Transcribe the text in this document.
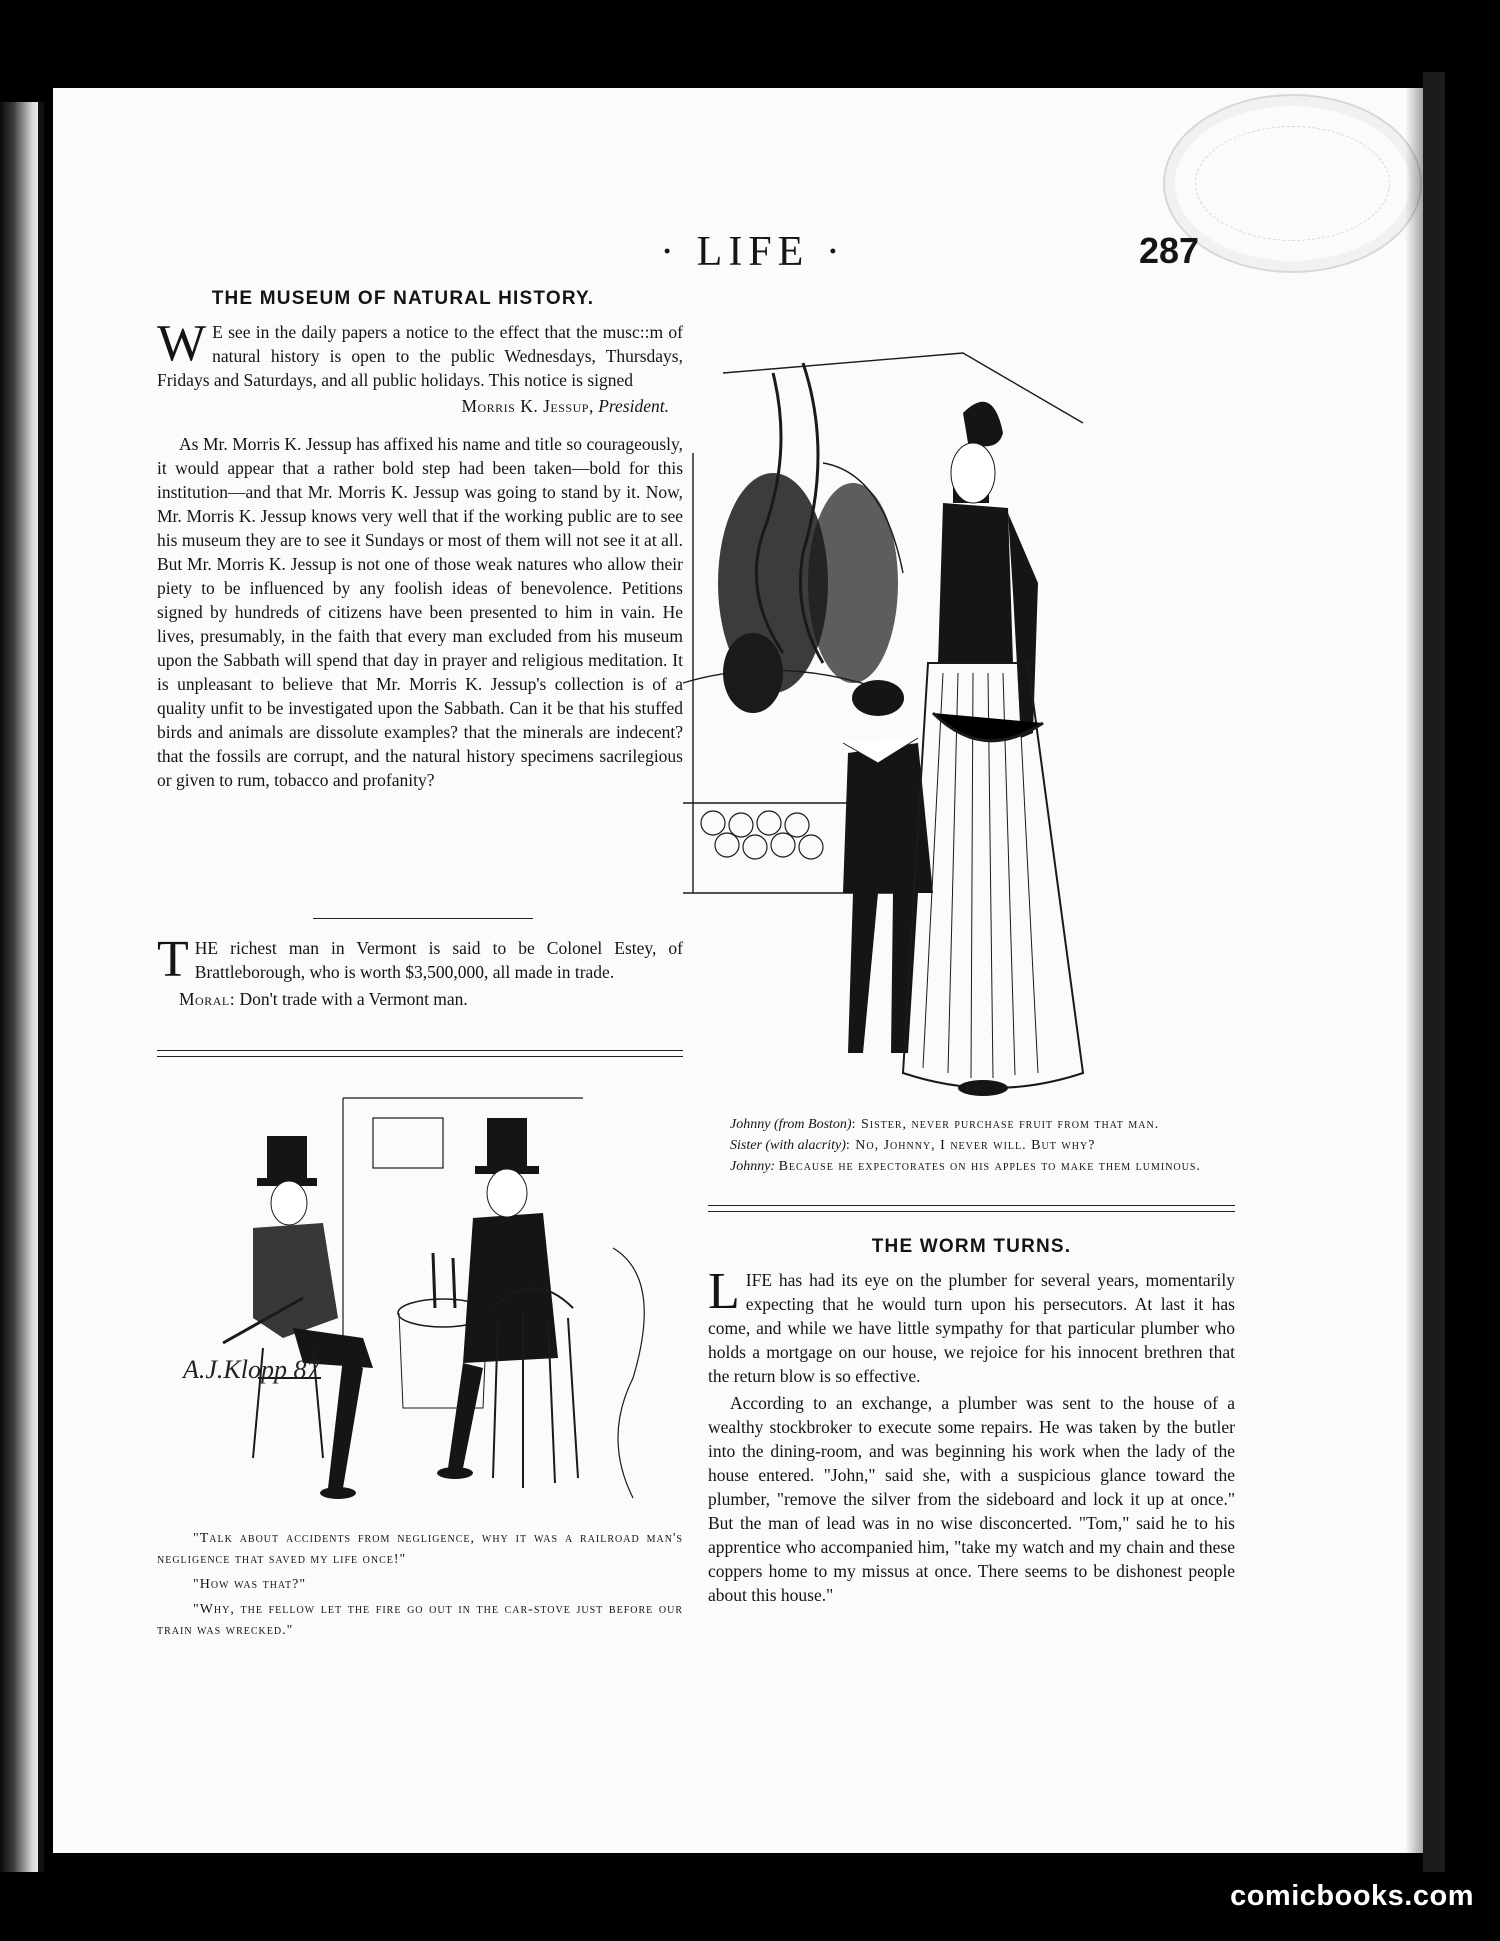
· LIFE ·	287
THE MUSEUM OF NATURAL HISTORY.

W E see in the daily papers a notice to the effect that the musc::m of natural history is open to the public Wednesdays, Thursdays, Fridays and Saturdays, and all public holidays. This notice is signed

Morris K. Jessup, President.

As Mr. Morris K. Jessup has affixed his name and title so courageously, it would appear that a rather bold step had been taken—bold for this institution—and that Mr. Morris K. Jessup was going to stand by it. Now, Mr. Morris K. Jessup knows very well that if the working public are to see his museum they are to see it Sundays or most of them will not see it at all. But Mr. Morris K. Jessup is not one of those weak natures who allow their piety to be influenced by any foolish ideas of benevolence. Petitions signed by hundreds of citizens have been presented to him in vain. He lives, presumably, in the faith that every man excluded from his museum upon the Sabbath will spend that day in prayer and religious meditation. It is unpleasant to believe that Mr. Morris K. Jessup's collection is of a quality unfit to be investigated upon the Sabbath. Can it be that his stuffed birds and animals are dissolute examples? that the minerals are indecent? that the fossils are corrupt, and the natural history specimens sacrilegious or given to rum, tobacco and profanity?

THE richest man in Vermont is said to be Colonel Estey, of Brattleborough, who is worth $3,500,000, all made in trade.

Moral: Don't trade with a Vermont man.

Johnny (from Boston): Sister, never purchase fruit from that man.

Sister (with alacrity): No, Johnny, I never will. But why?

Johnny: Because he expectorates on his apples to make them luminous.

THE WORM TURNS.

LIFE has had its eye on the plumber for several years, momentarily expecting that he would turn upon his persecutors. At last it has come, and while we have little sympathy for that particular plumber who holds a mortgage on our house, we rejoice for his innocent brethren that the return blow is so effective.

According to an exchange, a plumber was sent to the house of a wealthy stockbroker to execute some repairs. He was taken by the butler into the dining-room, and was beginning his work when the lady of the house entered. "John," said she, with a suspicious glance toward the plumber, "remove the silver from the sideboard and lock it up at once." But the man of lead was in no wise disconcerted. "Tom," said he to his apprentice who accompanied him, "take my watch and my chain and these coppers home to my missus at once. There seems to be dishonest people about this house."

A.J.Klopp 87

"Talk about accidents from negligence, why it was a railroad man's negligence that saved my life once!"

"How was that?"

"Why, the fellow let the fire go out in the car-stove just before our train was wrecked."

comicbooks.com
